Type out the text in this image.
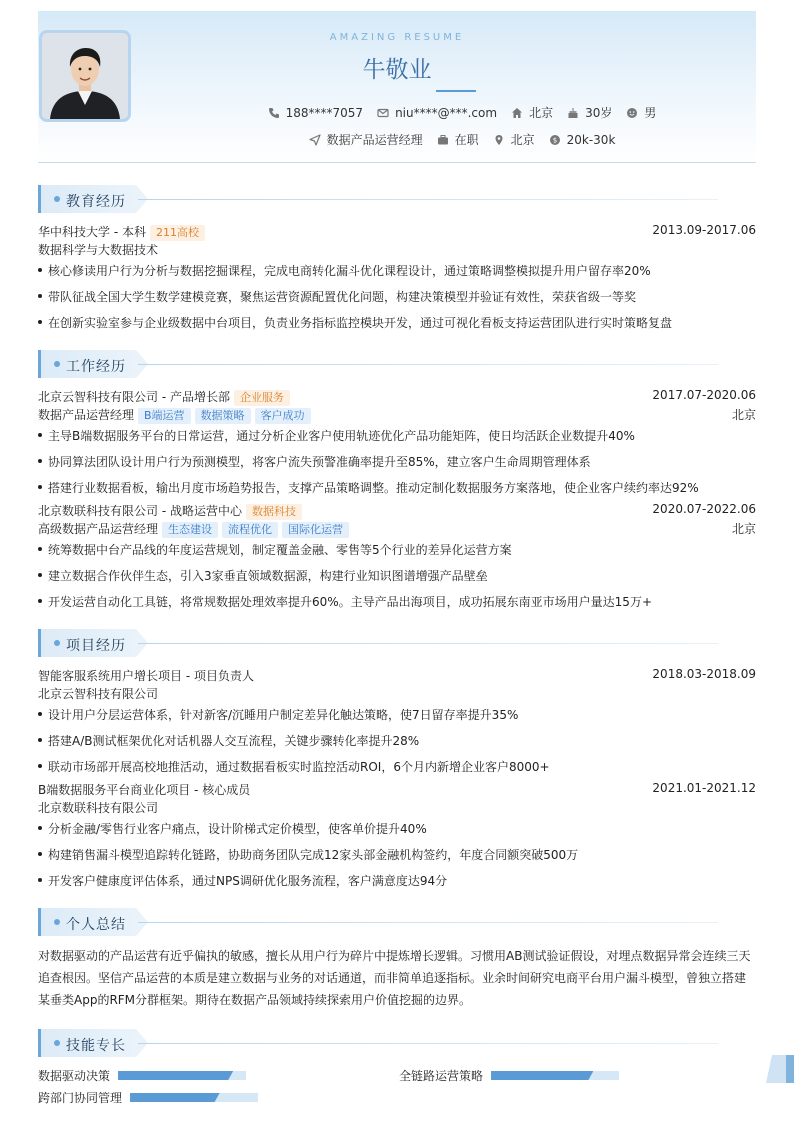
AMAZING RESUME
牛敬业
188****7057	niu****@***.com	北京	30岁	男
数据产品运营经理	在职	北京	$ 20k-30k
教育经历
华中科技大学 - 本科 211高校	2013.09-2017.06
数据科学与大数据技术
核心修读用户行为分析与数据挖掘课程，完成电商转化漏斗优化课程设计，通过策略调整模拟提升用户留存率20%
带队征战全国大学生数学建模竞赛，聚焦运营资源配置优化问题，构建决策模型并验证有效性，荣获省级一等奖
在创新实验室参与企业级数据中台项目，负责业务指标监控模块开发，通过可视化看板支持运营团队进行实时策略复盘
工作经历
北京云智科技有限公司 - 产品增长部 企业服务	2017.07-2020.06
数据产品运营经理 B端运营 数据策略 客户成功	北京
主导B端数据服务平台的日常运营，通过分析企业客户使用轨迹优化产品功能矩阵，使日均活跃企业数提升40%
协同算法团队设计用户行为预测模型，将客户流失预警准确率提升至85%，建立客户生命周期管理体系
搭建行业数据看板，输出月度市场趋势报告，支撑产品策略调整。推动定制化数据服务方案落地，使企业客户续约率达92%
北京数联科技有限公司 - 战略运营中心 数据科技	2020.07-2022.06
高级数据产品运营经理 生态建设 流程优化 国际化运营	北京
统筹数据中台产品线的年度运营规划，制定覆盖金融、零售等5个行业的差异化运营方案
建立数据合作伙伴生态，引入3家垂直领域数据源，构建行业知识图谱增强产品壁垒
开发运营自动化工具链，将常规数据处理效率提升60%。主导产品出海项目，成功拓展东南亚市场用户量达15万+
项目经历
智能客服系统用户增长项目 - 项目负责人	2018.03-2018.09
北京云智科技有限公司
设计用户分层运营体系，针对新客/沉睡用户制定差异化触达策略，使7日留存率提升35%
搭建A/B测试框架优化对话机器人交互流程，关键步骤转化率提升28%
联动市场部开展高校地推活动，通过数据看板实时监控活动ROI，6个月内新增企业客户8000+
B端数据服务平台商业化项目 - 核心成员	2021.01-2021.12
北京数联科技有限公司
分析金融/零售行业客户痛点，设计阶梯式定价模型，使客单价提升40%
构建销售漏斗模型追踪转化链路，协助商务团队完成12家头部金融机构签约，年度合同额突破500万
开发客户健康度评估体系，通过NPS调研优化服务流程，客户满意度达94分
个人总结
对数据驱动的产品运营有近乎偏执的敏感，擅长从用户行为碎片中提炼增长逻辑。习惯用AB测试验证假设，对埋点数据异常会连续三天追查根因。坚信产品运营的本质是建立数据与业务的对话通道，而非简单追逐指标。业余时间研究电商平台用户漏斗模型，曾独立搭建某垂类App的RFM分群框架。期待在数据产品领域持续探索用户价值挖掘的边界。
技能专长
数据驱动决策	全链路运营策略
跨部门协同管理
